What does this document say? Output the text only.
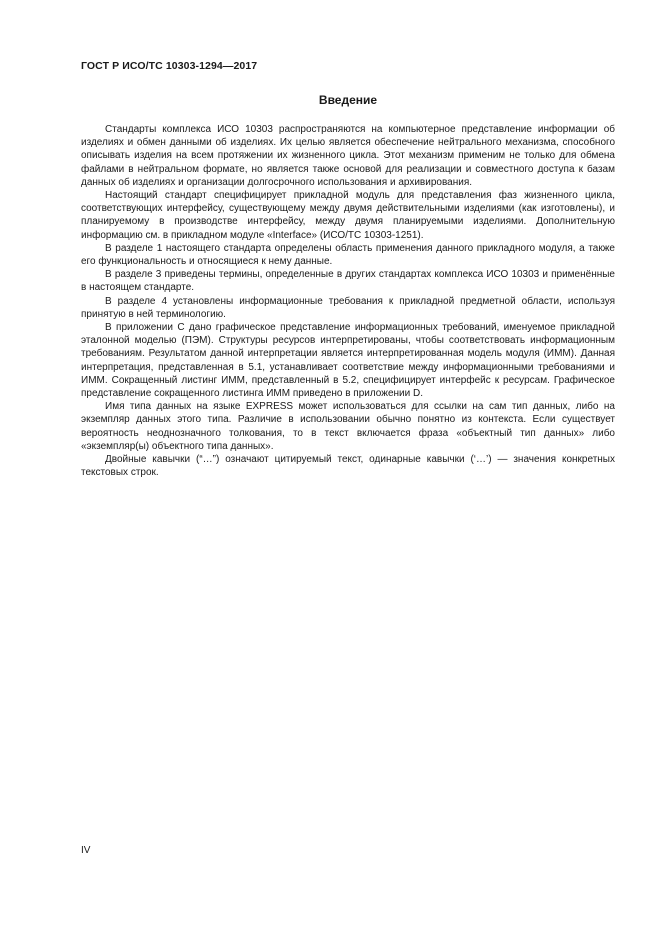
ГОСТ Р ИСО/ТС 10303-1294—2017
Введение

Стандарты комплекса ИСО 10303 распространяются на компьютерное представление информации об изделиях и обмен данными об изделиях. Их целью является обеспечение нейтрального механизма, способного описывать изделия на всем протяжении их жизненного цикла. Этот механизм применим не только для обмена файлами в нейтральном формате, но является также основой для реализации и совместного доступа к базам данных об изделиях и организации долгосрочного использования и архивирования.

Настоящий стандарт специфицирует прикладной модуль для представления фаз жизненного цикла, соответствующих интерфейсу, существующему между двумя действительными изделиями (как изготовлены), и планируемому в производстве интерфейсу, между двумя планируемыми изделиями. Дополнительную информацию см. в прикладном модуле «Interface» (ИСО/ТС 10303-1251).

В разделе 1 настоящего стандарта определены область применения данного прикладного модуля, а также его функциональность и относящиеся к нему данные.

В разделе 3 приведены термины, определенные в других стандартах комплекса ИСО 10303 и применённые в настоящем стандарте.

В разделе 4 установлены информационные требования к прикладной предметной области, используя принятую в ней терминологию.

В приложении С дано графическое представление информационных требований, именуемое прикладной эталонной моделью (ПЭМ). Структуры ресурсов интерпретированы, чтобы соответствовать информационным требованиям. Результатом данной интерпретации является интерпретированная модель модуля (ИММ). Данная интерпретация, представленная в 5.1, устанавливает соответствие между информационными требованиями и ИММ. Сокращенный листинг ИММ, представленный в 5.2, специфицирует интерфейс к ресурсам. Графическое представление сокращенного листинга ИММ приведено в приложении D.

Имя типа данных на языке EXPRESS может использоваться для ссылки на сам тип данных, либо на экземпляр данных этого типа. Различие в использовании обычно понятно из контекста. Если существует вероятность неоднозначного толкования, то в текст включается фраза «объектный тип данных» либо «экземпляр(ы) объектного типа данных».

Двойные кавычки (“…”) означают цитируемый текст, одинарные кавычки (‘…’) — значения конкретных текстовых строк.

IV
